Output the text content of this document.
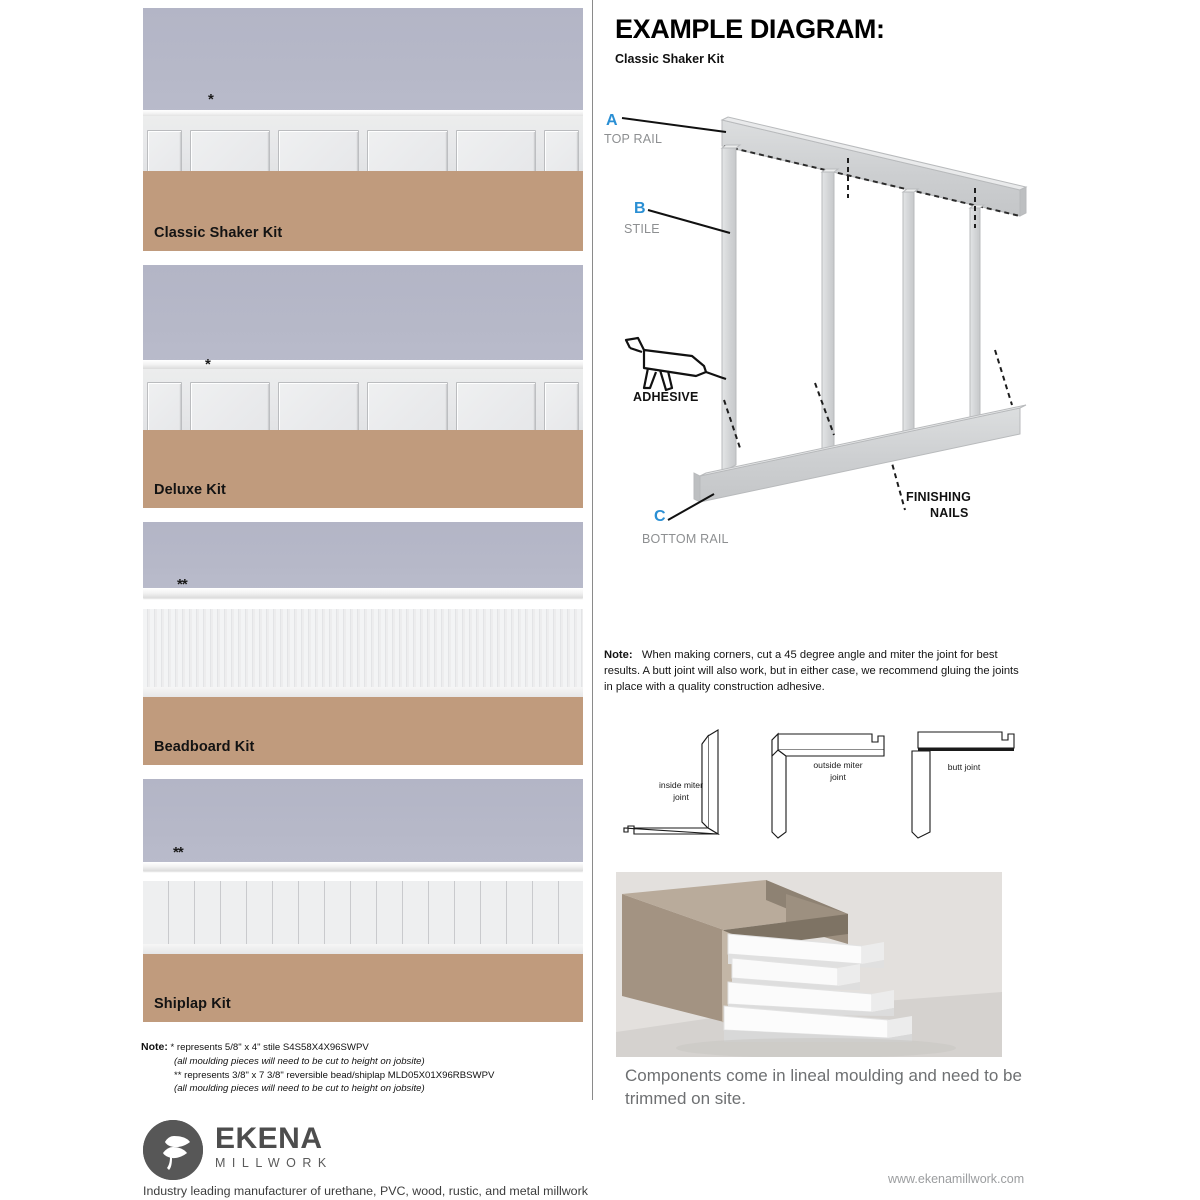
*
Classic Shaker Kit
*
Deluxe Kit
**
Beadboard Kit
**
Shiplap Kit
Note: * represents 5/8" x 4" stile S4S58X4X96SWPV
(all moulding pieces will need to be cut to height on jobsite)
** represents 3/8" x 7 3/8" reversible bead/shiplap MLD05X01X96RBSWPV
(all moulding pieces will need to be cut to height on jobsite)
EXAMPLE DIAGRAM:

Classic Shaker Kit

A
TOP RAIL
B
STILE
C
BOTTOM RAIL
ADHESIVE
FINISHING
NAILS
Note: When making corners, cut a 45 degree angle and miter the joint for best results. A butt joint will also work, but in either case, we recommend gluing the joints in place with a quality construction adhesive.
inside miter
joint
outside miter
joint
butt joint
Components come in lineal moulding and need to be trimmed on site.
EKENA
MILLWORK
Industry leading manufacturer of urethane, PVC, wood, rustic, and metal millwork
www.ekenamillwork.com
